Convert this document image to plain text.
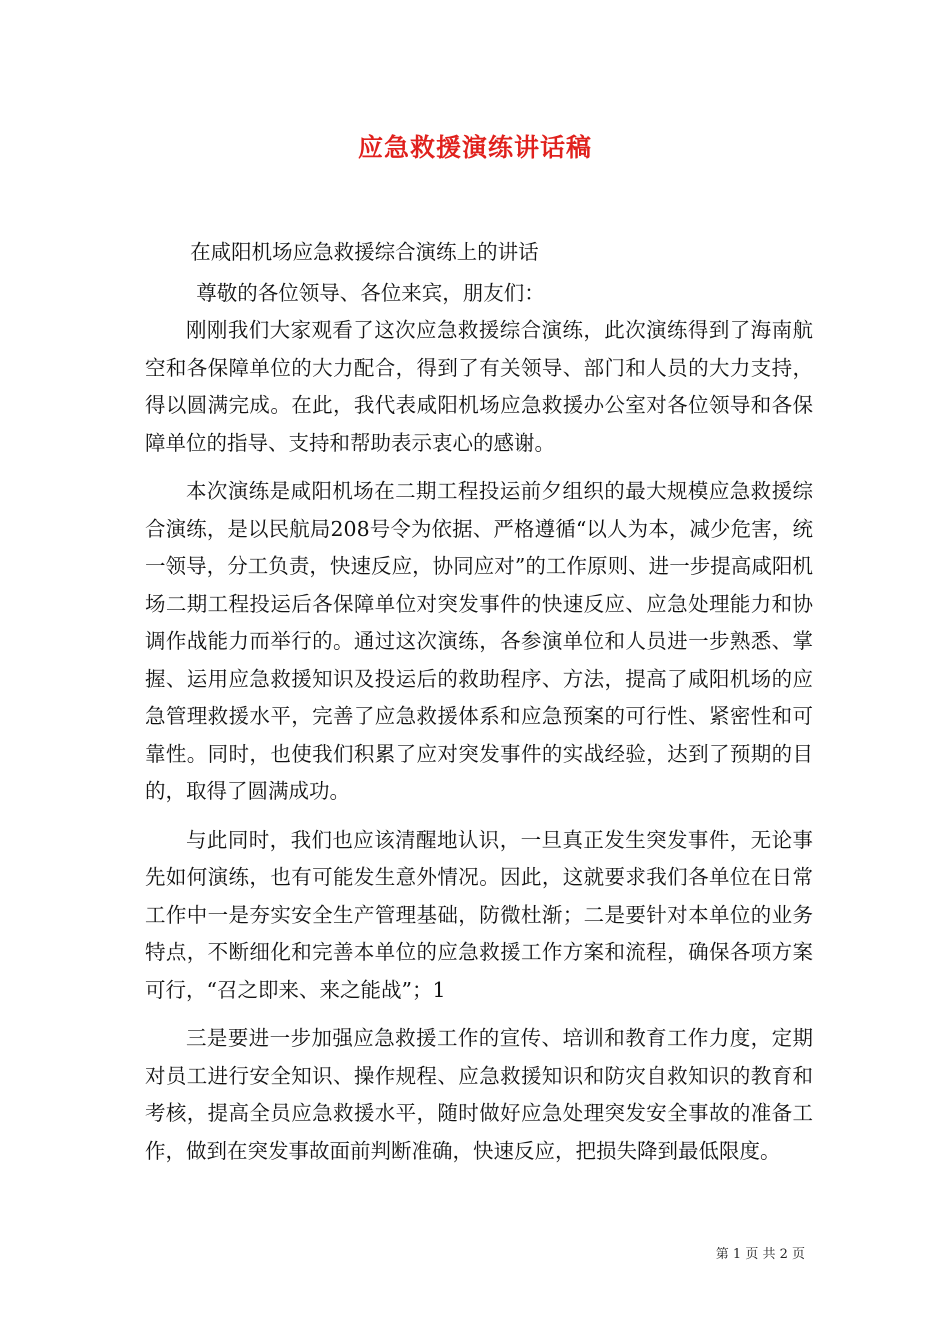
应急救援演练讲话稿

在咸阳机场应急救援综合演练上的讲话

尊敬的各位领导、各位来宾，朋友们：

刚刚我们大家观看了这次应急救援综合演练，此次演练得到了海南航空和各保障单位的大力配合，得到了有关领导、部门和人员的大力支持，得以圆满完成。在此，我代表咸阳机场应急救援办公室对各位领导和各保障单位的指导、支持和帮助表示衷心的感谢。

本次演练是咸阳机场在二期工程投运前夕组织的最大规模应急救援综合演练，是以民航局208号令为依据、严格遵循“以人为本，减少危害，统一领导，分工负责，快速反应，协同应对”的工作原则、进一步提高咸阳机场二期工程投运后各保障单位对突发事件的快速反应、应急处理能力和协调作战能力而举行的。通过这次演练，各参演单位和人员进一步熟悉、掌握、运用应急救援知识及投运后的救助程序、方法，提高了咸阳机场的应急管理救援水平，完善了应急救援体系和应急预案的可行性、紧密性和可靠性。同时，也使我们积累了应对突发事件的实战经验，达到了预期的目的，取得了圆满成功。

与此同时，我们也应该清醒地认识，一旦真正发生突发事件，无论事先如何演练，也有可能发生意外情况。因此，这就要求我们各单位在日常工作中一是夯实安全生产管理基础，防微杜渐；二是要针对本单位的业务特点，不断细化和完善本单位的应急救援工作方案和流程，确保各项方案可行，“召之即来、来之能战”；1

三是要进一步加强应急救援工作的宣传、培训和教育工作力度，定期对员工进行安全知识、操作规程、应急救援知识和防灾自救知识的教育和考核，提高全员应急救援水平，随时做好应急处理突发安全事故的准备工作，做到在突发事故面前判断准确，快速反应，把损失降到最低限度。

第 1 页 共 2 页
